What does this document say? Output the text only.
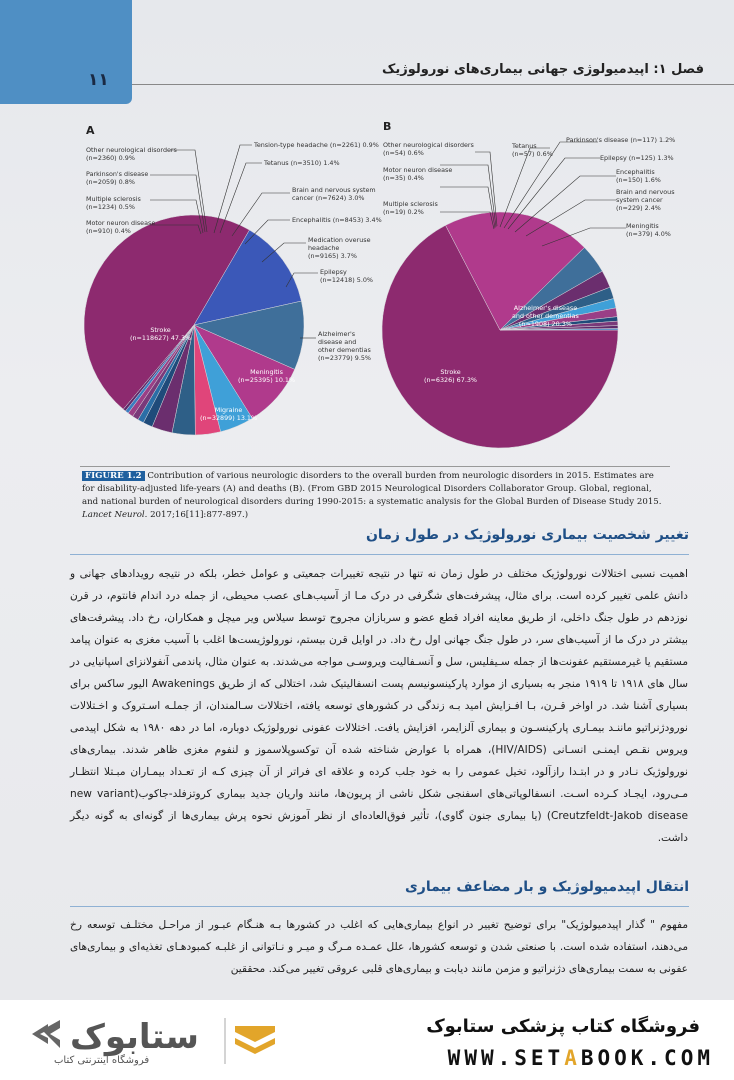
۱۱
فصل ۱: اپیدمیولوژی جهانی بیماری‌های نورولوژیک
A	B
Other neurological disorders
(n=2360) 0.9%
Parkinson's disease
(n=2059) 0.8%
Multiple sclerosis
(n=1234) 0.5%
Motor neuron disease
(n=910) 0.4%
Tension-type headache (n=2261) 0.9%
Tetanus (n=3510) 1.4%
Brain and nervous system
cancer (n=7624) 3.0%
Encephalitis (n=8453) 3.4%
Medication overuse
headache
(n=9165) 3.7%
Epilepsy
(n=12418) 5.0%
Alzheimer's
disease and
other dementias
(n=23779) 9.5%
Stroke
(n=118627) 47.3%
Migraine
(n=32899) 13.1%
Meningitis
(n=25395) 10.1%
Other neurological disorders
(n=54) 0.6%
Motor neuron disease
(n=35) 0.4%
Multiple sclerosis
(n=19) 0.2%
Tetanus
(n=57) 0.6%
Parkinson's disease (n=117) 1.2%
Epilepsy (n=125) 1.3%
Encephalitis
(n=150) 1.6%
Brain and nervous
system cancer
(n=229) 2.4%
Meningitis
(n=379) 4.0%
Stroke
(n=6326) 67.3%
Alzheimer's disease
and other dementias
(n=1908) 20.3%
FIGURE 1.2 Contribution of various neurologic disorders to the overall burden from neurologic disorders in 2015. Estimates are for disability-adjusted life-years (A) and deaths (B). (From GBD 2015 Neurological Disorders Collaborator Group. Global, regional, and national burden of neurological disorders during 1990-2015: a systematic analysis for the Global Burden of Disease Study 2015. Lancet Neurol. 2017;16[11]:877-897.)
تغییر شخصیت بیماری نورولوژیک در طول زمان
اهمیت نسبی اختلالات نورولوژیک مختلف در طول زمان نه تنها در نتیجه تغییرات جمعیتی و عوامل خطر، بلکه در نتیجه رویدادهای جهانی و دانش علمی تغییر کرده است. برای مثال، پیشرفت‌های شگرفی در درک مـا از آسیب‌هـای عصب محیطی، از جمله درد اندام فانتوم، در قرن نوزدهم در طول جنگ داخلی، از طریق معاینه افراد قطع عضو و سربازان مجروح توسط سیلاس ویر میچل و همکاران، رخ داد. پیشرفت‌های بیشتر در درک ما از آسیب‌های سر، در طول جنگ جهانی اول رخ داد. در اوایل قرن بیستم، نورولوژیست‌ها اغلب با آسیب مغزی به عنوان پیامد مستقیم یا غیرمستقیم عفونت‌ها از جمله سـیفلیس، سل و آنسـفالیت ویروسـی مواجه می‌شدند. به عنوان مثال، پاندمی آنفولانزای اسپانیایی در سال های ۱۹۱۸ تا ۱۹۱۹ منجر به بسیاری از موارد پارکینسونیسم پست انسفالیتیک شد، اختلالی که از طریق Awakenings الیور ساکس برای بسیاری آشنا شد. در اواخر قـرن، بـا افـزایش امید بـه زندگی در کشورهای توسعه یافته، اختلالات سـالمندان، از جملـه اسـتروک و اخـتلالات نورودژنراتیو ماننـد بیمـاری پارکینسـون و بیماری آلزایمر، افزایش یافت. اختلالات عفونی نورولوژیک دوباره، اما در دهه ۱۹۸۰ به شکل اپیدمی ویروس نقـص ایمنـی انسـانی (HIV/AIDS)، همراه با عوارض شناخته شده آن توکسوپلاسموز و لنفوم مغزی ظاهر شدند. بیماری‌های نورولوژیک نـادر و در ابتـدا رازآلود، تخیل عمومی را به خود جلب کرده و علاقه ای فراتر از آن چیزی کـه از تعـداد بیمـاران مبـتلا انتظـار مـی‌رود، ایجـاد کـرده اسـت. انسفالوپاتی‌های اسفنجی شکل ناشی از پریون‌ها، مانند واریان جدید بیماری کروتزفلد-جاکوب(new variant Creutzfeldt-Jakob disease) (یا بیماری جنون گاوی)، تأثیر فوق‌العاده‌ای از نظر آموزش نحوه پرش بیماری‌ها از گونه‌ای به گونه دیگر داشت.
انتقال اپیدمیولوژیک و بار مضاعف بیماری
مفهوم " گذار اپیدمیولوژیک" برای توضیح تغییر در انواع بیماری‌هایی که اغلب در کشورها بـه هنـگام عبـور از مراحـل مختلـف توسعه رخ می‌دهند، استفاده شده است. با صنعتی شدن و توسعه کشورها، علل عمـده مـرگ و میـر و نـاتوانی از غلبـه کمبودهـای تغذیه‌ای و بیماری‌های عفونی به سمت بیماری‌های دژنراتیو و مزمن مانند دیابت و بیماری‌های قلبی عروقی تغییر می‌کند. محققین
ستابوک
فروشگاه اینترنتی کتاب
فروشگاه کتاب پزشکی ستابوک
WWW.SETABOOK.COM
